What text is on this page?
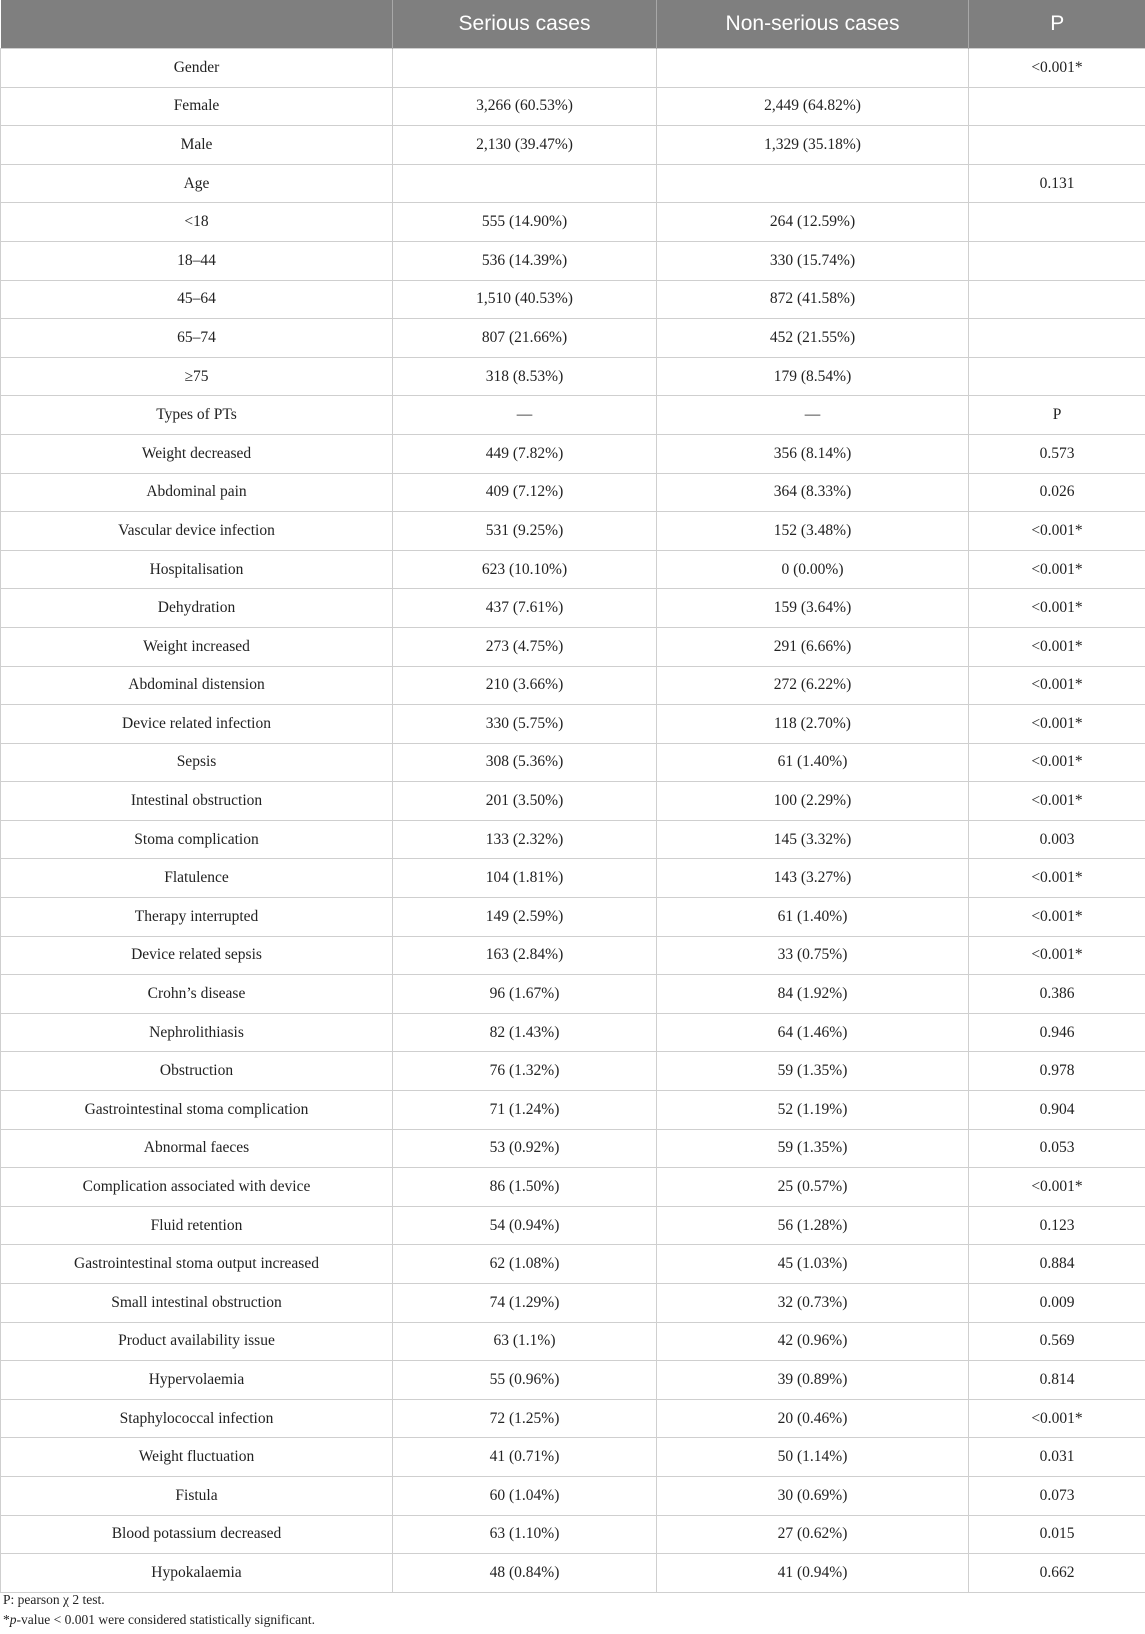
	Serious cases	Non-serious cases	P
Gender			<0.001*
Female	3,266 (60.53%)	2,449 (64.82%)	
Male	2,130 (39.47%)	1,329 (35.18%)	
Age			0.131
<18	555 (14.90%)	264 (12.59%)	
18–44	536 (14.39%)	330 (15.74%)	
45–64	1,510 (40.53%)	872 (41.58%)	
65–74	807 (21.66%)	452 (21.55%)	
≥75	318 (8.53%)	179 (8.54%)	
Types of PTs	—	—	P
Weight decreased	449 (7.82%)	356 (8.14%)	0.573
Abdominal pain	409 (7.12%)	364 (8.33%)	0.026
Vascular device infection	531 (9.25%)	152 (3.48%)	<0.001*
Hospitalisation	623 (10.10%)	0 (0.00%)	<0.001*
Dehydration	437 (7.61%)	159 (3.64%)	<0.001*
Weight increased	273 (4.75%)	291 (6.66%)	<0.001*
Abdominal distension	210 (3.66%)	272 (6.22%)	<0.001*
Device related infection	330 (5.75%)	118 (2.70%)	<0.001*
Sepsis	308 (5.36%)	61 (1.40%)	<0.001*
Intestinal obstruction	201 (3.50%)	100 (2.29%)	<0.001*
Stoma complication	133 (2.32%)	145 (3.32%)	0.003
Flatulence	104 (1.81%)	143 (3.27%)	<0.001*
Therapy interrupted	149 (2.59%)	61 (1.40%)	<0.001*
Device related sepsis	163 (2.84%)	33 (0.75%)	<0.001*
Crohn’s disease	96 (1.67%)	84 (1.92%)	0.386
Nephrolithiasis	82 (1.43%)	64 (1.46%)	0.946
Obstruction	76 (1.32%)	59 (1.35%)	0.978
Gastrointestinal stoma complication	71 (1.24%)	52 (1.19%)	0.904
Abnormal faeces	53 (0.92%)	59 (1.35%)	0.053
Complication associated with device	86 (1.50%)	25 (0.57%)	<0.001*
Fluid retention	54 (0.94%)	56 (1.28%)	0.123
Gastrointestinal stoma output increased	62 (1.08%)	45 (1.03%)	0.884
Small intestinal obstruction	74 (1.29%)	32 (0.73%)	0.009
Product availability issue	63 (1.1%)	42 (0.96%)	0.569
Hypervolaemia	55 (0.96%)	39 (0.89%)	0.814
Staphylococcal infection	72 (1.25%)	20 (0.46%)	<0.001*
Weight fluctuation	41 (0.71%)	50 (1.14%)	0.031
Fistula	60 (1.04%)	30 (0.69%)	0.073
Blood potassium decreased	63 (1.10%)	27 (0.62%)	0.015
Hypokalaemia	48 (0.84%)	41 (0.94%)	0.662
P: pearson χ 2 test.
*p-value < 0.001 were considered statistically significant.
